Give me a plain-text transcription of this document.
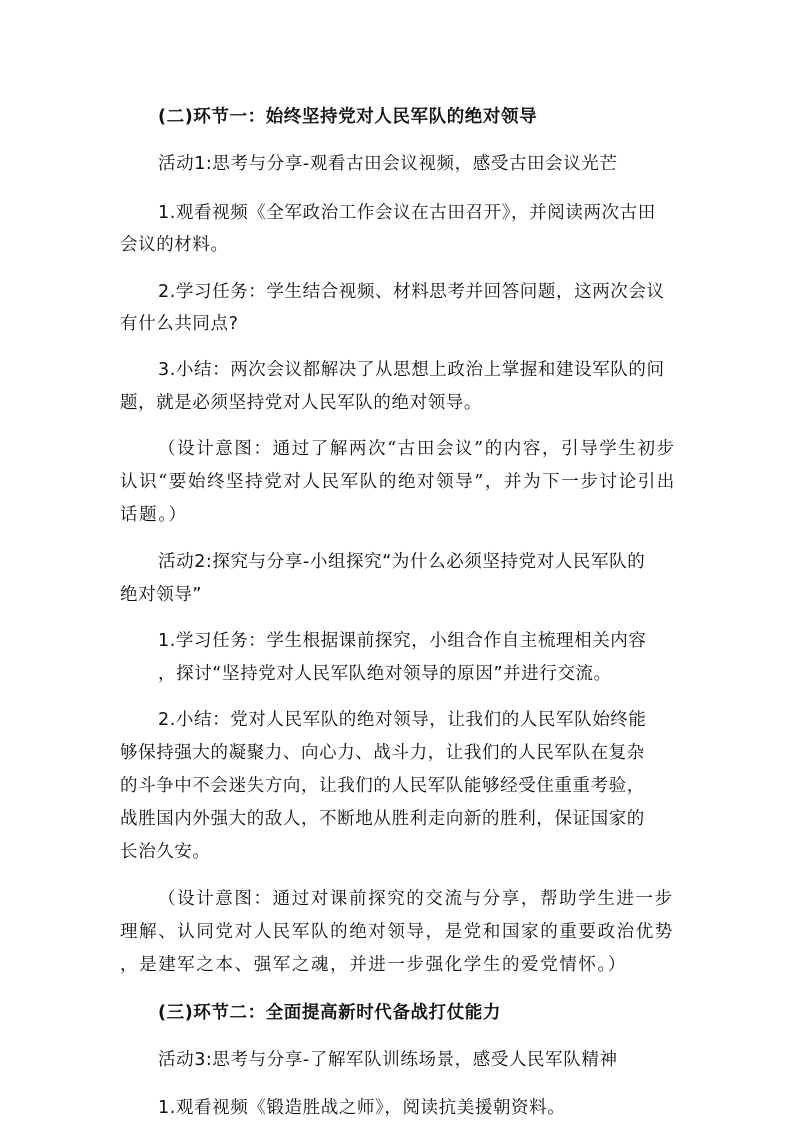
(二)环节一：始终坚持党对人民军队的绝对领导
活动1:思考与分享-观看古田会议视频，感受古田会议光芒
1.观看视频《全军政治工作会议在古田召开》，并阅读两次古田
会议的材料。
2.学习任务：学生结合视频、材料思考并回答问题，这两次会议
有什么共同点?
3.小结：两次会议都解决了从思想上政治上掌握和建设军队的问
题，就是必须坚持党对人民军队的绝对领导。
（设计意图：通过了解两次“古田会议”的内容，引导学生初步
认识“要始终坚持党对人民军队的绝对领导”，并为下一步讨论引出
话题。）
活动2:探究与分享-小组探究“为什么必须坚持党对人民军队的
绝对领导”
1.学习任务：学生根据课前探究，小组合作自主梳理相关内容
，探讨“坚持党对人民军队绝对领导的原因”并进行交流。
2.小结：党对人民军队的绝对领导，让我们的人民军队始终能
够保持强大的凝聚力、向心力、战斗力，让我们的人民军队在复杂
的斗争中不会迷失方向，让我们的人民军队能够经受住重重考验，
战胜国内外强大的敌人，不断地从胜利走向新的胜利，保证国家的
长治久安。
（设计意图：通过对课前探究的交流与分享，帮助学生进一步
理解、认同党对人民军队的绝对领导，是党和国家的重要政治优势
，是建军之本、强军之魂，并进一步强化学生的爱党情怀。）
(三)环节二：全面提高新时代备战打仗能力
活动3:思考与分享-了解军队训练场景，感受人民军队精神
1.观看视频《锻造胜战之师》，阅读抗美援朝资料。
